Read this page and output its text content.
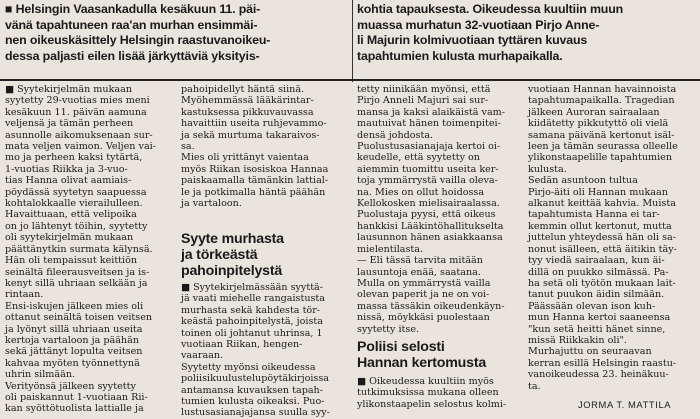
■ Helsingin Vaasankadulla kesäkuun 11. päi-
vänä tapahtuneen raa'an murhan ensimmäi-
nen oikeuskäsittely Helsingin raastuvanoikeu-
dessa paljasti eilen lisää järkyttäviä yksityis-
kohtia tapauksesta. Oikeudessa kuultiin muun
muassa murhatun 32-vuotiaan Pirjo Anne-
li Majurin kolmivuotiaan tyttären kuvaus
tapahtumien kulusta murhapaikalla.
■ Syytekirjelmän mukaan
syytetty 29-vuotias mies meni
kesäkuun 11. päivän aamuna
veljensä ja tämän perheen
asunnolle aikomuksenaan sur-
mata veljen vaimon. Veljen vai-
mo ja perheen kaksi tytärtä,
1-vuotias Riikka ja 3-vuo-
tias Hanna olivat aamiais-
pöydässä syytetyn saapuessa
kohtalokkaalle vierailulleen.
Havaittuaan, että velipoika
on jo lähtenyt töihin, syytetty
oli syytekirjelmän mukaan
päättänytkin surmata kälynsä.
Hän oli tempaissut keittiön
seinältä fileerausveitsen ja is-
kenyt sillä uhriaan selkään ja
rintaan.
Ensi-iskujen jälkeen mies oli
ottanut seinältä toisen veitsen
ja lyönyt sillä uhriaan useita
kertoja vartaloon ja päähän
sekä jättänyt lopulta veitsen
kahvaa myöten työnnettynä
uhrin silmään.
Verityönsä jälkeen syytetty
oli paiskannut 1-vuotiaan Rii-
kan syöttötuolista lattialle ja
pahoipidellyt häntä siinä.
Myöhemmässä lääkärintar-
kastuksessa pikkuvauvassa
havaittiin useita ruhjevammo-
ja sekä murtuma takaraivos-
sa.
Mies oli yrittänyt vaientaa
myös Riikan isosiskoa Hannaa
paiskaamalla tämänkin lattial-
le ja potkimalla häntä päähän
ja vartaloon.
Syyte murhasta
ja törkeästä
pahoinpitelystä
■ Syytekirjelmässään syyttä-
jä vaati miehelle rangaistusta
murhasta sekä kahdesta tör-
keästä pahoinpitelystä, joista
toinen oli johtanut uhrinsa, 1
vuotiaan Riikan, hengen-
vaaraan.
Syytetty myönsi oikeudessa
poliisikuulustelupöytäkirjoissa
antamansa kuvauksen tapah-
tumien kulusta oikeaksi. Puo-
lustusasianajajansa suulla syy-
tetty niinikään myönsi, että
Pirjo Anneli Majuri sai sur-
mansa ja kaksi alaikäistä vam-
mautuivat hänen toimenpitei-
densä johdosta.
Puolustusasianajaja kertoi oi-
keudelle, että syytetty on
aiemmin tuomittu useita ker-
toja ymmärrystä vailla oleva-
na. Mies on ollut hoidossa
Kellokosken mielisairaalassa.
Puolustaja pyysi, että oikeus
hankkisi Lääkintöhallitukselta
lausunnon hänen asiakkaansa
mielentilasta.
— Eli tässä tarvita mitään
lausuntoja enää, saatana.
Mulla on ymmärrystä vailla
olevan paperit ja ne on voi-
massa tässäkin oikeudenkäyn-
nissä, möykkäsi puolestaan
syytetty itse.
Poliisi selosti
Hannan kertomusta
■ Oikeudessa kuultiin myös
tutkimuksissa mukana olleen
ylikonstaapelin selostus kolmi-
vuotiaan Hannan havainnoista
tapahtumapaikalla. Tragedian
jälkeen Auroran sairaalaan
kiidätetty pikkutyttö oli vielä
samana päivänä kertonut isäl-
leen ja tämän seurassa olleelle
ylikonstaapelille tapahtumien
kulusta.
Sedän asuntoon tultua
Pirjo-äiti oli Hannan mukaan
alkanut keittää kahvia. Muista
tapahtumista Hanna ei tar-
kemmin ollut kertonut, mutta
juttelun yhteydessä hän oli sa-
nonut isälleen, että äitikin täy-
tyy viedä sairaalaan, kun äi-
dillä on puukko silmässä. Pa-
ha setä oli työtön mukaan lait-
tanut puukon äidin silmään.
Päässään olevan ison kuh-
mun Hanna kertoi saaneensa
"kun setä heitti hänet sinne,
missä Riikkakin oli".
Murhajuttu on seuraavan
kerran esillä Helsingin raastu-
vanoikeudessa 23. heinäkuu-
ta.
JORMA T. MATTILA
